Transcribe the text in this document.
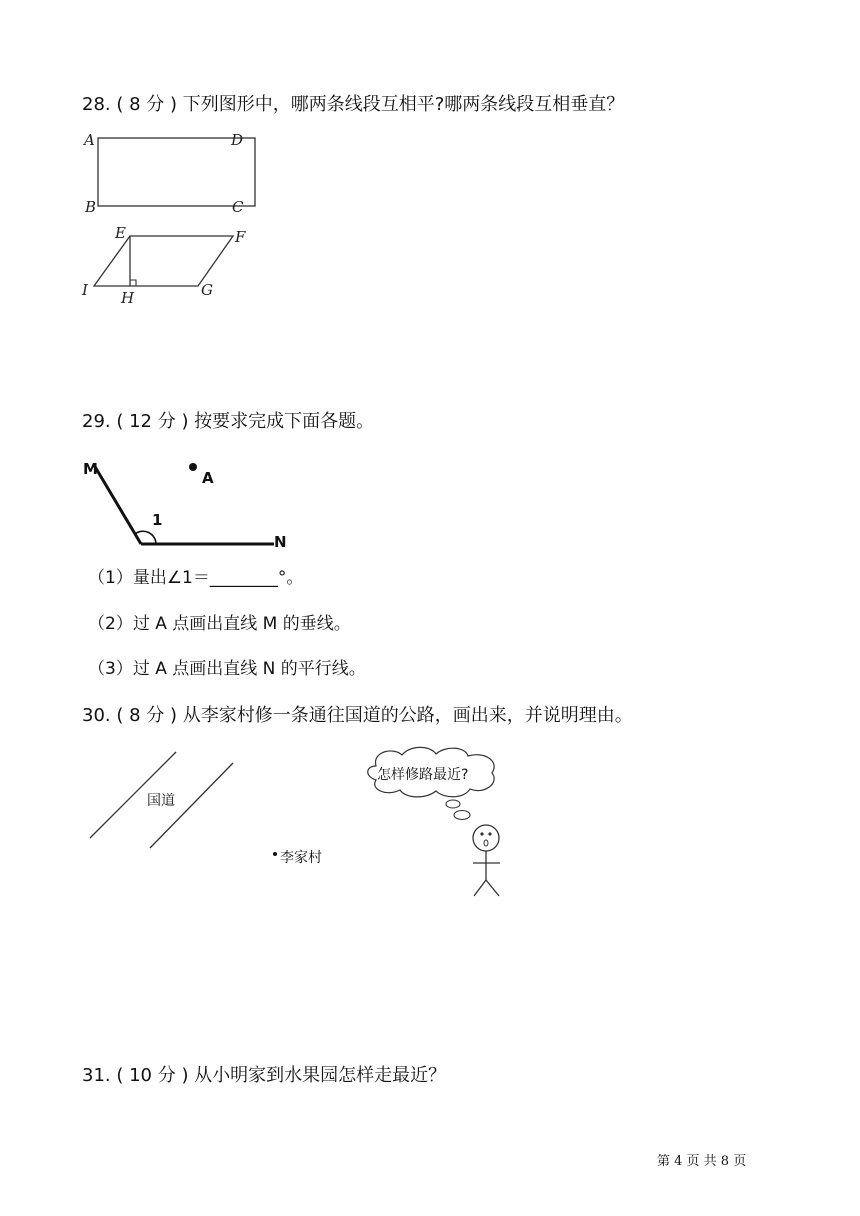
28. ( 8 分 ) 下列图形中，哪两条线段互相平?哪两条线段互相垂直？
A	D
B	C
E	F
I H	G
29. ( 12 分 ) 按要求完成下面各题。
M	A
1
N
（1）量出∠1＝________°。
（2）过 A 点画出直线 M 的垂线。
（3）过 A 点画出直线 N 的平行线。
30. ( 8 分 ) 从李家村修一条通往国道的公路，画出来，并说明理由。
国道
李家村
怎样修路最近?
31. ( 10 分 ) 从小明家到水果园怎样走最近？
第 4 页 共 8 页
